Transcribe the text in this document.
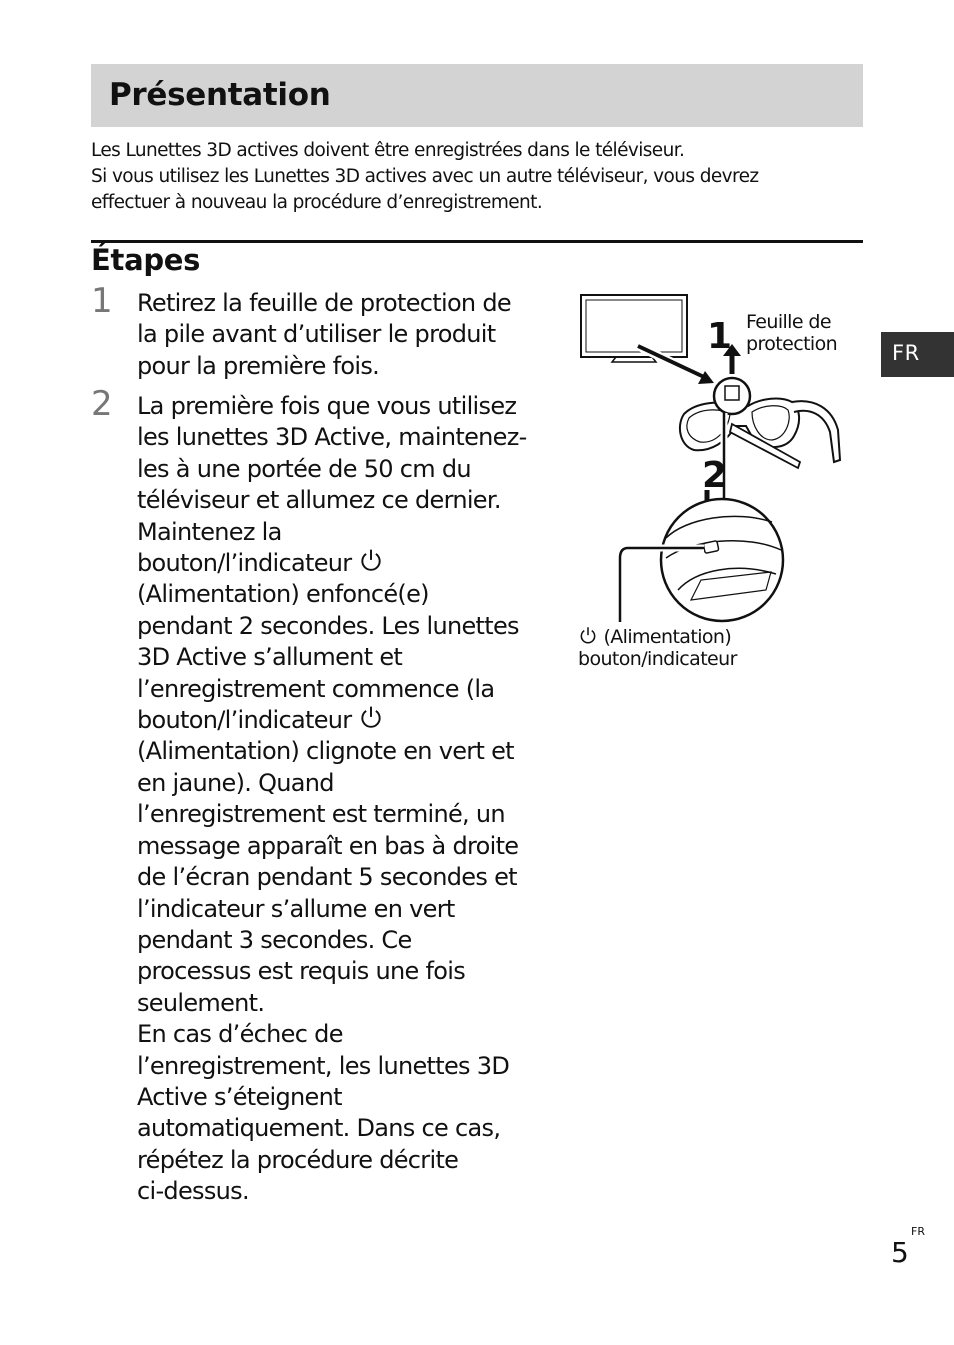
Présentation

Les Lunettes 3D actives doivent être enregistrées dans le téléviseur.

Si vous utilisez les Lunettes 3D actives avec un autre téléviseur, vous devrez

effectuer à nouveau la procédure d’enregistrement.

Étapes
1 Retirez la feuille de protection de
la pile avant d’utiliser le produit
pour la première fois.
2 La première fois que vous utilisez
les lunettes 3D Active, maintenez-
les à une portée de 50 cm du
téléviseur et allumez ce dernier.
Maintenez la
bouton/l’indicateur
(Alimentation) enfoncé(e)
pendant 2 secondes. Les lunettes
3D Active s’allument et
l’enregistrement commence (la
bouton/l’indicateur
(Alimentation) clignote en vert et
en jaune). Quand
l’enregistrement est terminé, un
message apparaît en bas à droite
de l’écran pendant 5 secondes et
l’indicateur s’allume en vert
pendant 3 secondes. Ce
processus est requis une fois
seulement.
En cas d’échec de
l’enregistrement, les lunettes 3D
Active s’éteignent
automatiquement. Dans ce cas,
répétez la procédure décrite
ci-dessus.
1
2
Feuille de
protection
(Alimentation)
bouton/indicateur
FR
FR
5
